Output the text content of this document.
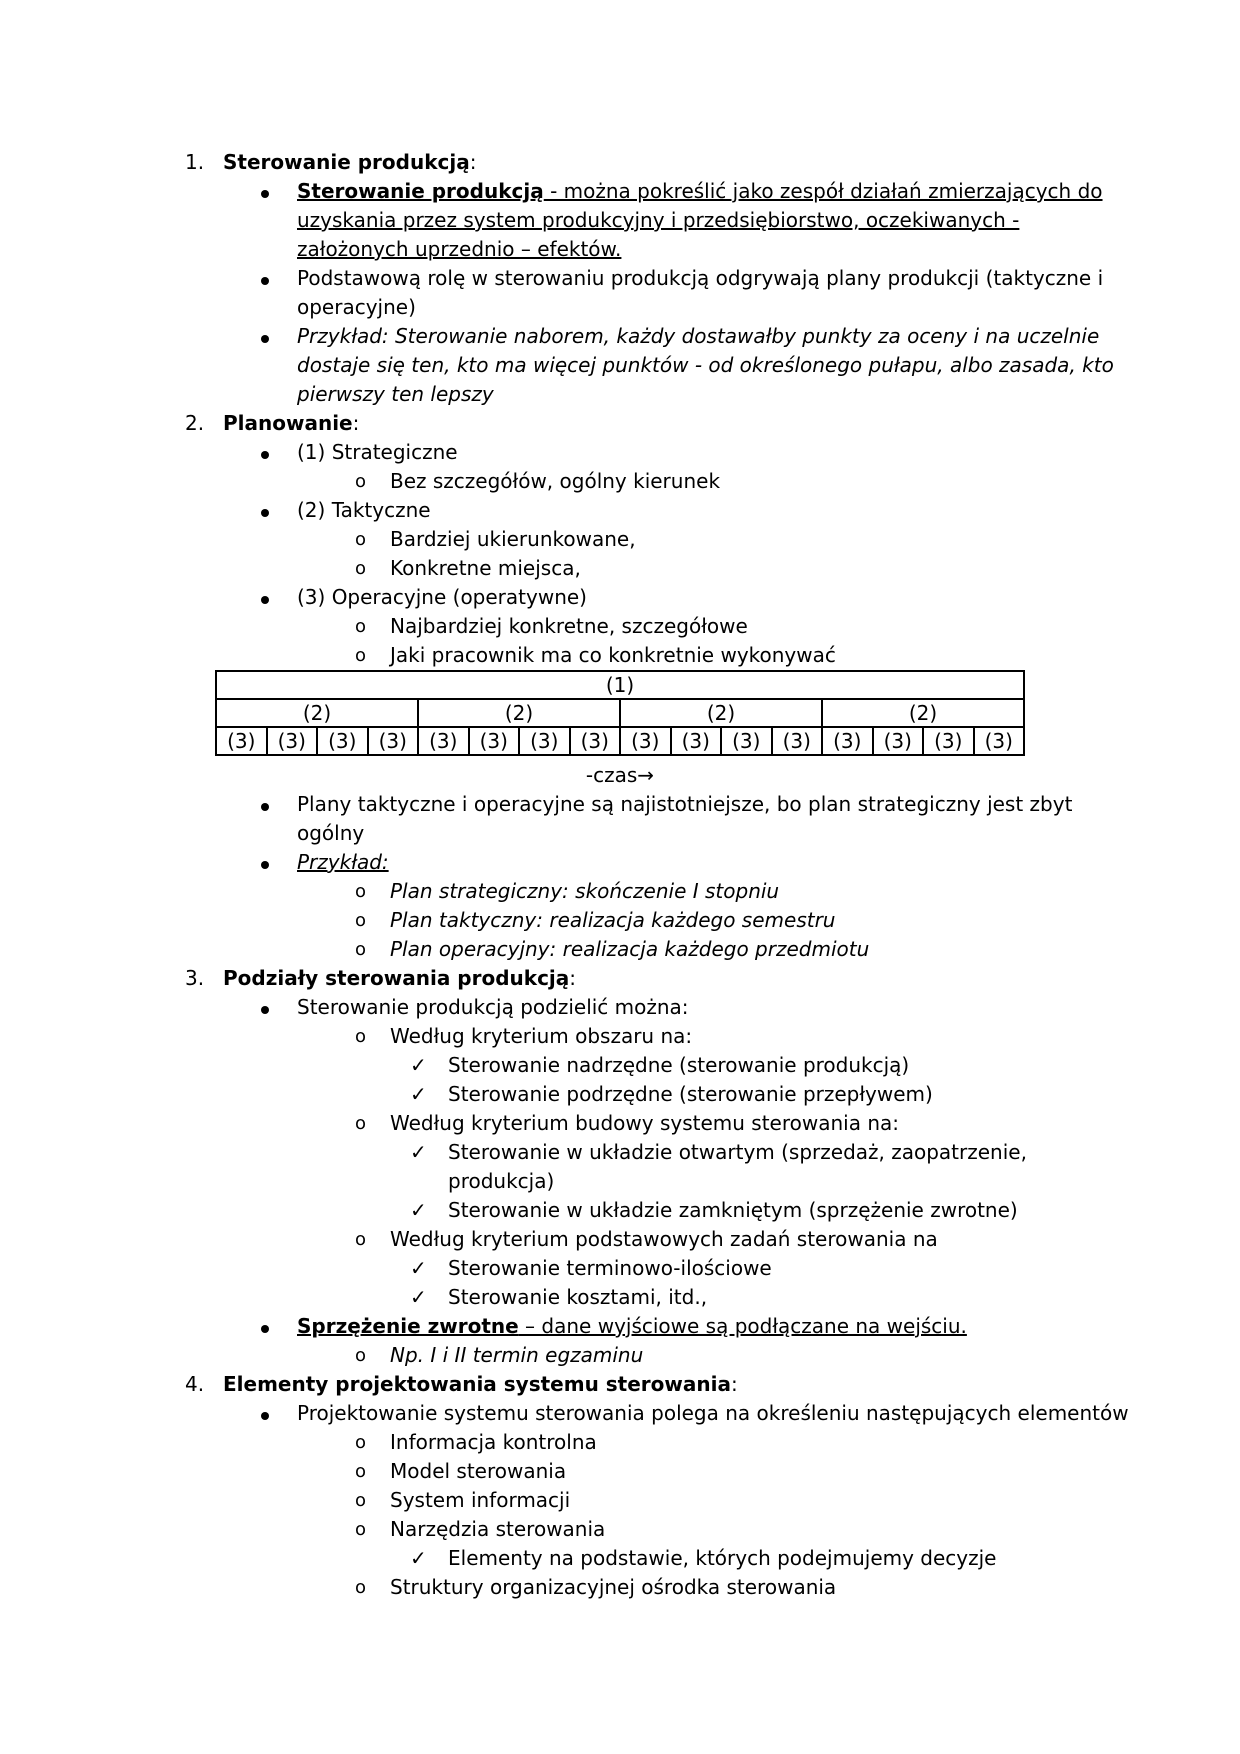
1. Sterowanie produkcją:
Sterowanie produkcją - można pokreślić jako zespół działań zmierzających do
uzyskania przez system produkcyjny i przedsiębiorstwo, oczekiwanych -
założonych uprzednio – efektów.
Podstawową rolę w sterowaniu produkcją odgrywają plany produkcji (taktyczne i
operacyjne)
Przykład: Sterowanie naborem, każdy dostawałby punkty za oceny i na uczelnie
dostaje się ten, kto ma więcej punktów - od określonego pułapu, albo zasada, kto
pierwszy ten lepszy
2. Planowanie:
(1) Strategiczne
o Bez szczegółów, ogólny kierunek
(2) Taktyczne
o Bardziej ukierunkowane,
o Konkretne miejsca,
(3) Operacyjne (operatywne)
o Najbardziej konkretne, szczegółowe
o Jaki pracownik ma co konkretnie wykonywać
(1)															
(2)				(2)				(2)				(2)			
(3)	(3)	(3)	(3)	(3)	(3)	(3)	(3)	(3)	(3)	(3)	(3)	(3)	(3)	(3)	(3)
-czas→
Plany taktyczne i operacyjne są najistotniejsze, bo plan strategiczny jest zbyt
ogólny
Przykład:
o Plan strategiczny: skończenie I stopniu
o Plan taktyczny: realizacja każdego semestru
o Plan operacyjny: realizacja każdego przedmiotu
3. Podziały sterowania produkcją:
Sterowanie produkcją podzielić można:
o Według kryterium obszaru na:
✓ Sterowanie nadrzędne (sterowanie produkcją)
✓ Sterowanie podrzędne (sterowanie przepływem)
o Według kryterium budowy systemu sterowania na:
✓ Sterowanie w układzie otwartym (sprzedaż, zaopatrzenie,
produkcja)
✓ Sterowanie w układzie zamkniętym (sprzężenie zwrotne)
o Według kryterium podstawowych zadań sterowania na
✓ Sterowanie terminowo-ilościowe
✓ Sterowanie kosztami, itd.,
Sprzężenie zwrotne – dane wyjściowe są podłączane na wejściu.
o Np. I i II termin egzaminu
4. Elementy projektowania systemu sterowania:
Projektowanie systemu sterowania polega na określeniu następujących elementów
o Informacja kontrolna
o Model sterowania
o System informacji
o Narzędzia sterowania
✓ Elementy na podstawie, których podejmujemy decyzje
o Struktury organizacyjnej ośrodka sterowania
